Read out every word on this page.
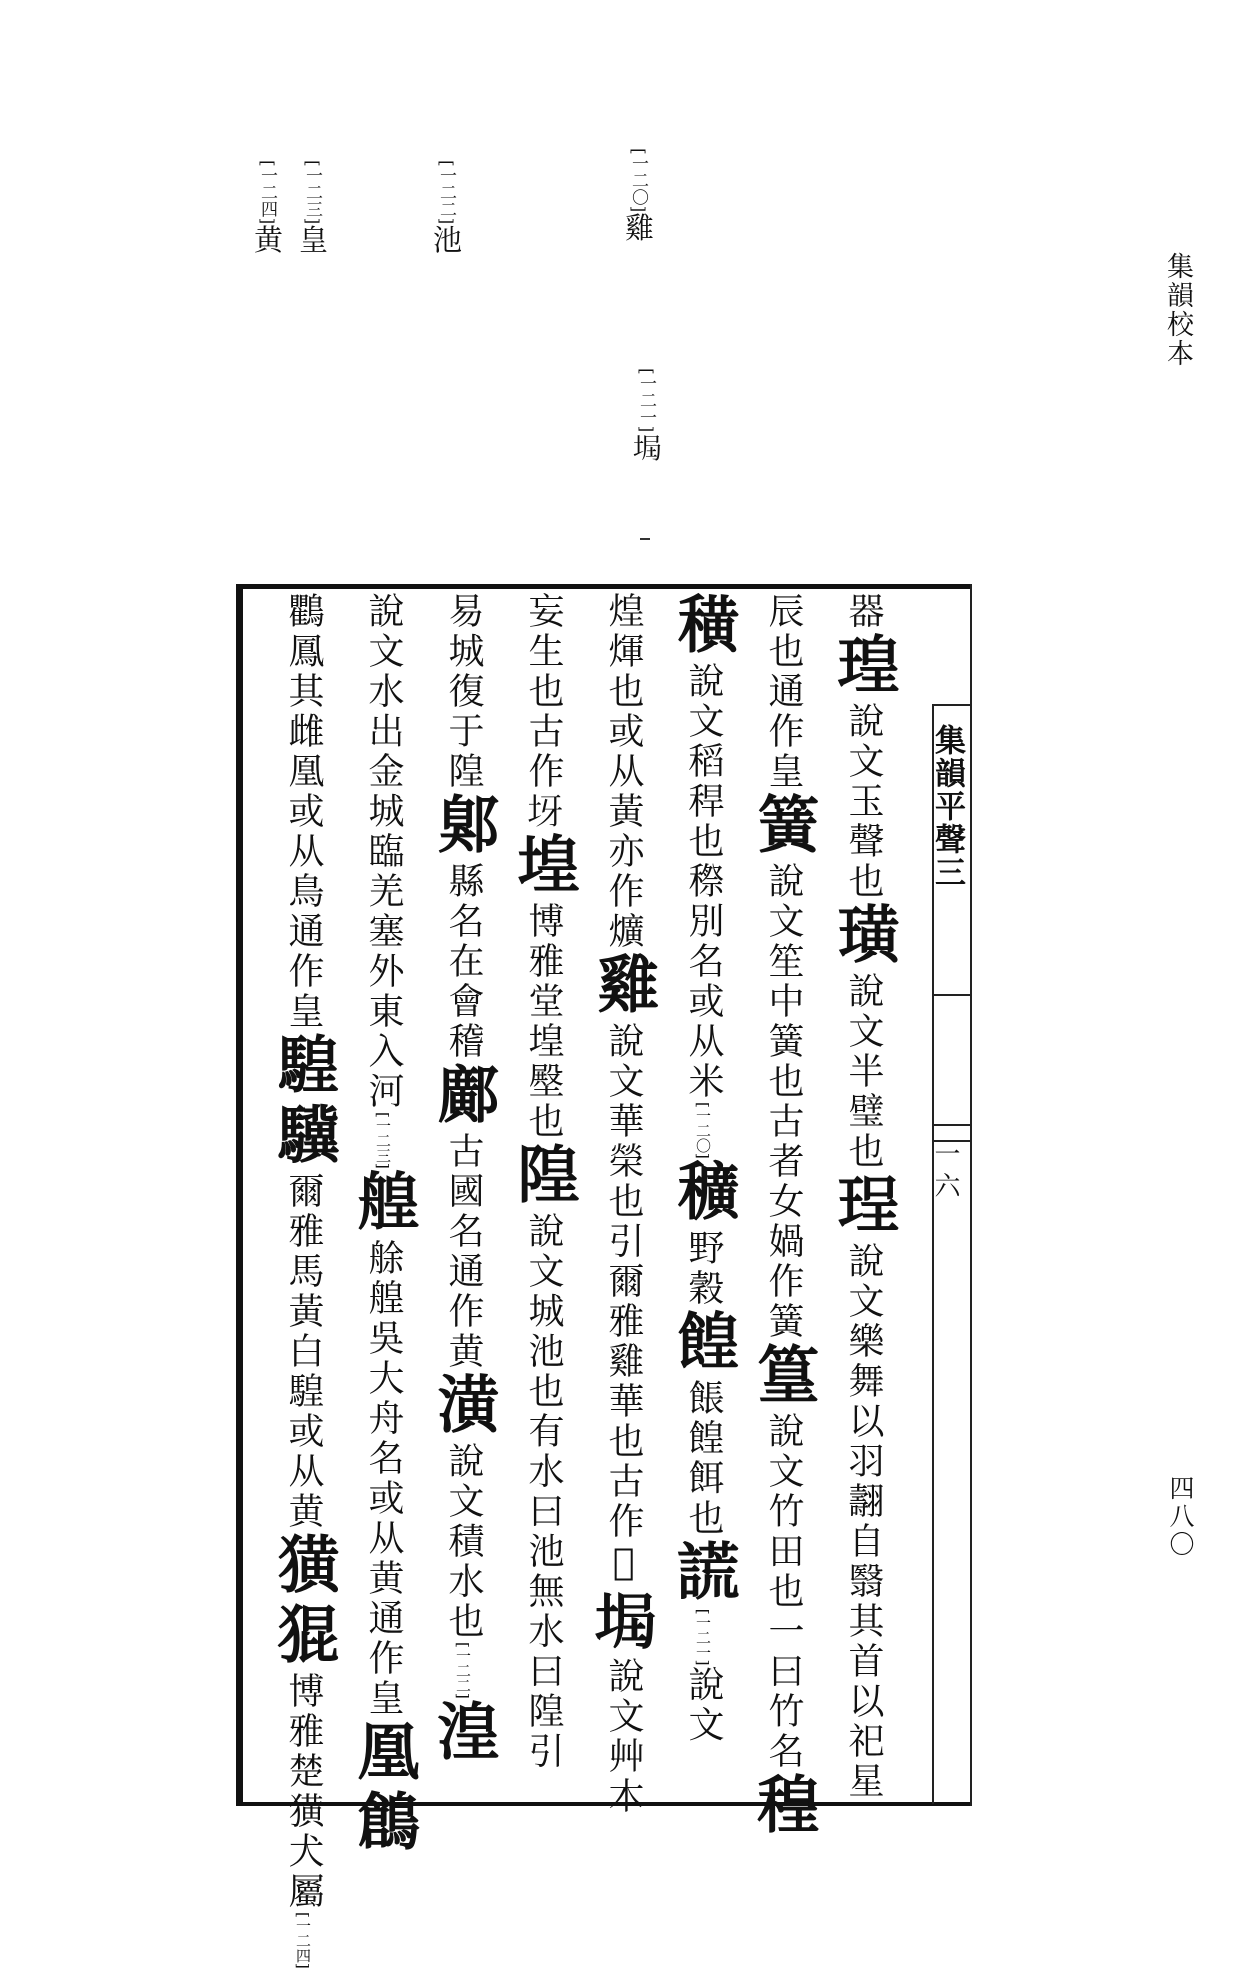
集韻校本
四八〇
[一二〇]雞
[一二一]𡌞
[一二二]池
[一二三]皇
[一二四]黄
集韻平聲三
一六
器瑝說文玉聲也璜說文半璧也珵說文樂舞以羽翿自翳其首以祀星
辰也通作皇簧說文笙中簧也古者女媧作簧篁說文竹田也一曰竹名䅣
穔說文稻稈也穄別名或从米[一二〇]穬野穀餭餦餭餌也謊[一二一]說文
煌煇也或从黃亦作爌雞說文華榮也引爾雅雞華也古作𩀳𡌞說文艸木
妄生也古作𡉪堭博雅堂堭壂也隍說文城池也有水曰池無水曰隍引
易城復于隍鄓縣名在會稽鄺古國名通作黄潢說文積水也[一二二]湟
說文水出金城臨羌塞外東入河[一二三]艎艅艎吳大舟名或从黄通作皇凰鶬
鸜鳳其雌凰或从鳥通作皇騜驥爾雅馬黃白騜或从黄獚猑博雅楚獚犬屬[一二四]
